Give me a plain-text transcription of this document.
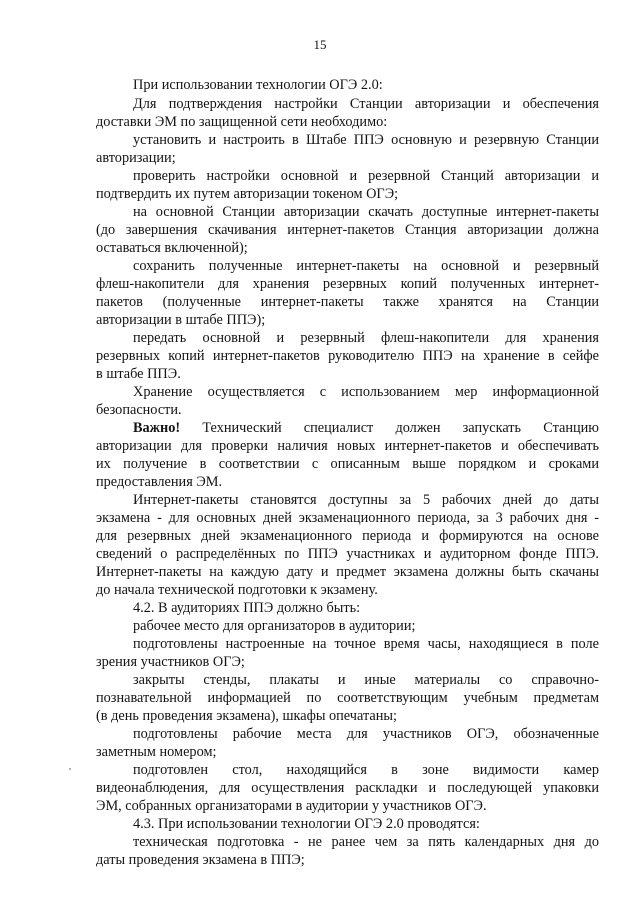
15

При использовании технологии ОГЭ 2.0:

Для подтверждения настройки Станции авторизации и обеспечения

доставки ЭМ по защищенной сети необходимо:

установить и настроить в Штабе ППЭ основную и резервную Станции

авторизации;

проверить настройки основной и резервной Станций авторизации и

подтвердить их путем авторизации токеном ОГЭ;

на основной Станции авторизации скачать доступные интернет-пакеты

(до завершения скачивания интернет-пакетов Станция авторизации должна

оставаться включенной);

сохранить полученные интернет-пакеты на основной и резервный

флеш-накопители для хранения резервных копий полученных интернет-

пакетов (полученные интернет-пакеты также хранятся на Станции

авторизации в штабе ППЭ);

передать основной и резервный флеш-накопители для хранения

резервных копий интернет-пакетов руководителю ППЭ на хранение в сейфе

в штабе ППЭ.

Хранение осуществляется с использованием мер информационной

безопасности.

Важно! Технический специалист должен запускать Станцию

авторизации для проверки наличия новых интернет-пакетов и обеспечивать

их получение в соответствии с описанным выше порядком и сроками

предоставления ЭМ.

Интернет-пакеты становятся доступны за 5 рабочих дней до даты

экзамена - для основных дней экзаменационного периода, за 3 рабочих дня -

для резервных дней экзаменационного периода и формируются на основе

сведений о распределённых по ППЭ участниках и аудиторном фонде ППЭ.

Интернет-пакеты на каждую дату и предмет экзамена должны быть скачаны

до начала технической подготовки к экзамену.

4.2. В аудиториях ППЭ должно быть:

рабочее место для организаторов в аудитории;

подготовлены настроенные на точное время часы, находящиеся в поле

зрения участников ОГЭ;

закрыты стенды, плакаты и иные материалы со справочно-

познавательной информацией по соответствующим учебным предметам

(в день проведения экзамена), шкафы опечатаны;

подготовлены рабочие места для участников ОГЭ, обозначенные

заметным номером;

подготовлен стол, находящийся в зоне видимости камер

видеонаблюдения, для осуществления раскладки и последующей упаковки

ЭМ, собранных организаторами в аудитории у участников ОГЭ.

4.3. При использовании технологии ОГЭ 2.0 проводятся:

техническая подготовка - не ранее чем за пять календарных дня до

даты проведения экзамена в ППЭ;
